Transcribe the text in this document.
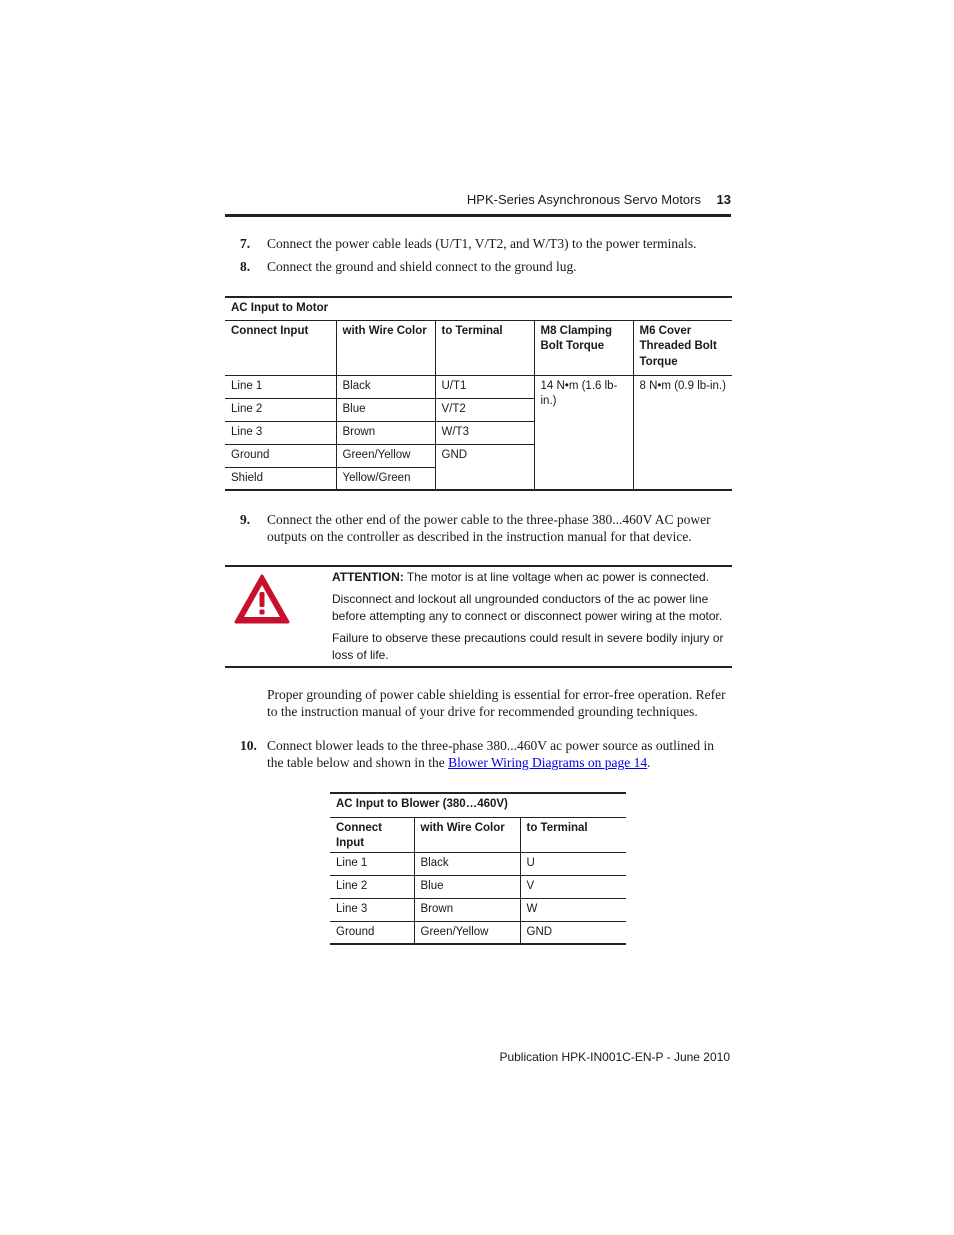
HPK-Series Asynchronous Servo Motors 13
7. Connect the power cable leads (U/T1, V/T2, and W/T3) to the power terminals.
8. Connect the ground and shield connect to the ground lug.
AC Input to Motor				
Connect Input	with Wire Color	to Terminal	M8 Clamping Bolt Torque	M6 Cover Threaded Bolt Torque
Line 1	Black	U/T1	14 N•m (1.6 lb-in.)	8 N•m (0.9 lb-in.)
Line 2	Blue	V/T2		
Line 3	Brown	W/T3		
Ground	Green/Yellow	GND		
Shield	Yellow/Green			
9. Connect the other end of the power cable to the three-phase 380...460V AC power outputs on the controller as described in the instruction manual for that device.

ATTENTION: The motor is at line voltage when ac power is connected.

Disconnect and lockout all ungrounded conductors of the ac power line before attempting any to connect or disconnect power wiring at the motor.

Failure to observe these precautions could result in severe bodily injury or loss of life.

Proper grounding of power cable shielding is essential for error-free operation. Refer to the instruction manual of your drive for recommended grounding techniques.
10. Connect blower leads to the three-phase 380...460V ac power source as outlined in the table below and shown in the Blower Wiring Diagrams on page 14.
AC Input to Blower (380…460V)		
Connect Input	with Wire Color	to Terminal
Line 1	Black	U
Line 2	Blue	V
Line 3	Brown	W
Ground	Green/Yellow	GND
Publication HPK-IN001C-EN-P - June 2010
